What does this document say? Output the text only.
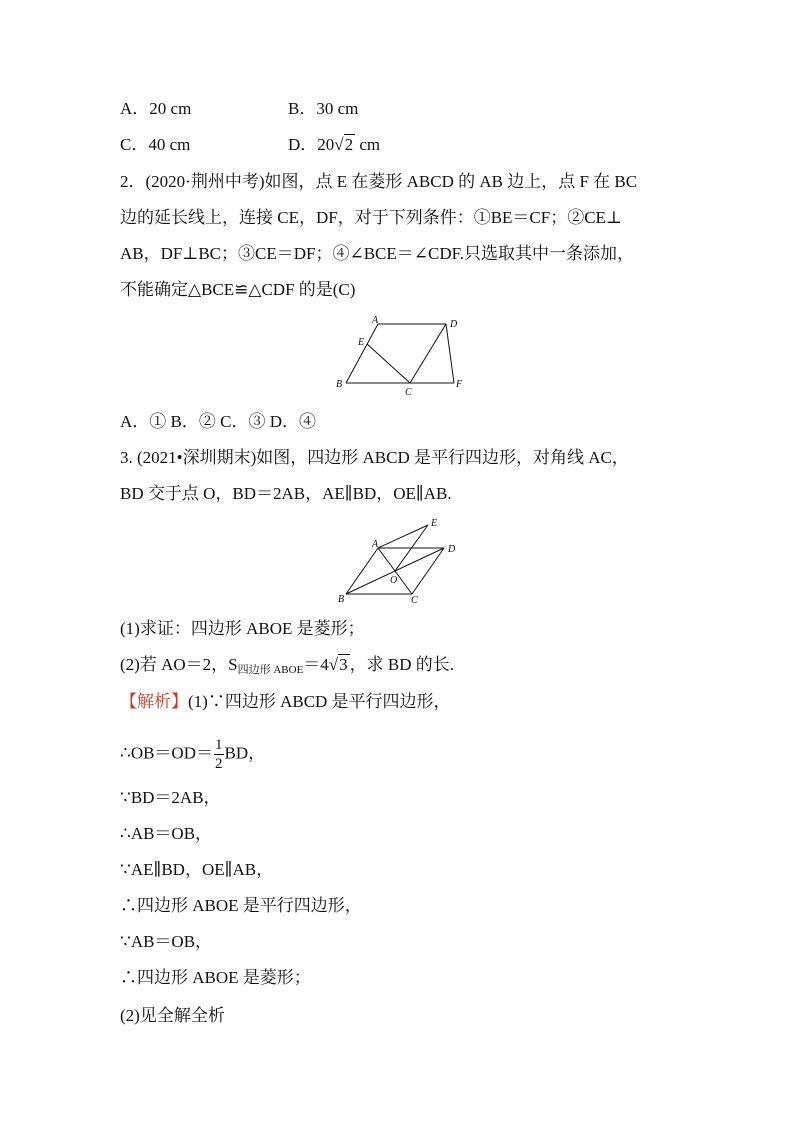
A．20 cm	B．30 cm
C．40 cm	D．20√2 cm
2．(2020·荆州中考)如图，点 E 在菱形 ABCD 的 AB 边上，点 F 在 BC
边的延长线上，连接 CE，DF，对于下列条件：①BE＝CF；②CE⊥
AB，DF⊥BC；③CE＝DF；④∠BCE＝∠CDF.只选取其中一条添加，
不能确定△BCE≌△CDF 的是(C)
A	D
E
B
C
F
A．① B．② C．③ D．④
3. (2021•深圳期末)如图，四边形 ABCD 是平行四边形，对角线 AC，
BD 交于点 O，BD＝2AB，AE∥BD，OE∥AB.
A	D
E
B	C
O
(1)求证：四边形 ABOE 是菱形；
(2)若 AO＝2，S四边形 ABOE＝4√3 ，求 BD 的长.
【解析】(1)∵四边形 ABCD 是平行四边形，
∴OB＝OD＝ $\frac{1}{2}$ BD，
∵BD＝2AB，
∴AB＝OB，
∵AE∥BD，OE∥AB，
∴四边形 ABOE 是平行四边形，
∵AB＝OB，
∴四边形 ABOE 是菱形；
(2)见全解全析
